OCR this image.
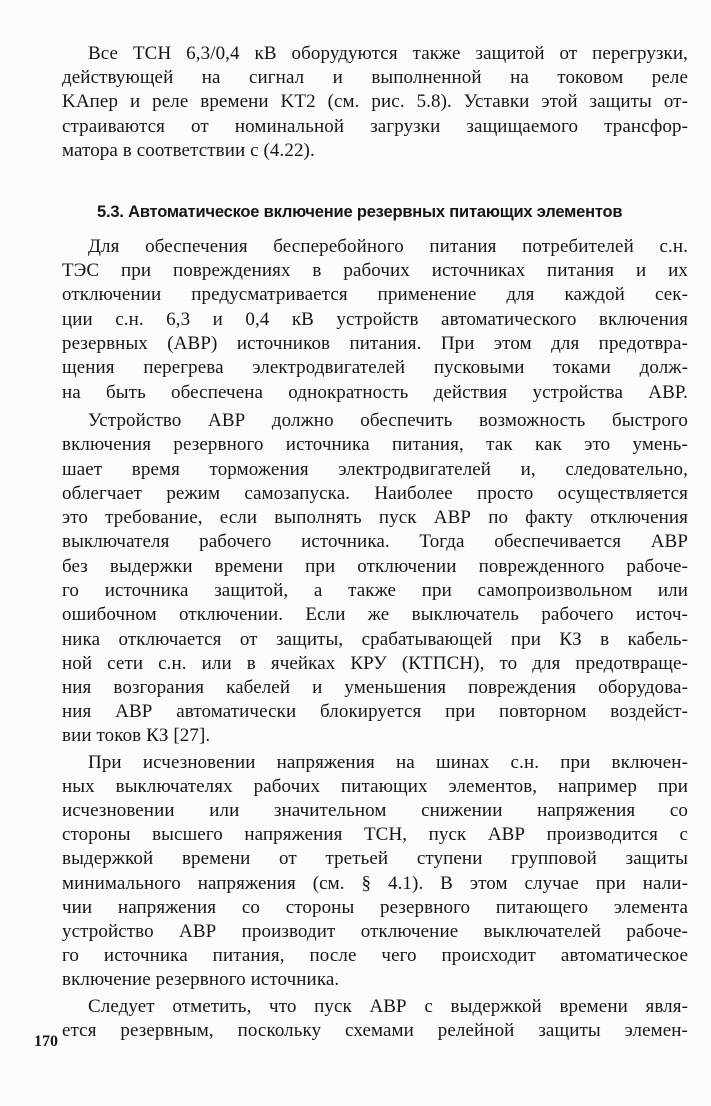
Все ТСН 6,3/0,4 кВ оборудуются также защитой от перегрузки,
действующей на сигнал и выполненной на токовом реле
KAпер и реле времени KT2 (см. рис. 5.8). Уставки этой защиты от-
страиваются от номинальной загрузки защищаемого трансфор-
матора в соответствии с (4.22).
5.3. Автоматическое включение резервных питающих элементов
Для обеспечения бесперебойного питания потребителей с.н.
ТЭС при повреждениях в рабочих источниках питания и их
отключении предусматривается применение для каждой сек-
ции с.н. 6,3 и 0,4 кВ устройств автоматического включения
резервных (АВР) источников питания. При этом для предотвра-
щения перегрева электродвигателей пусковыми токами долж-
на быть обеспечена однократность действия устройства АВР.
Устройство АВР должно обеспечить возможность быстрого
включения резервного источника питания, так как это умень-
шает время торможения электродвигателей и, следовательно,
облегчает режим самозапуска. Наиболее просто осуществляется
это требование, если выполнять пуск АВР по факту отключения
выключателя рабочего источника. Тогда обеспечивается АВР
без выдержки времени при отключении поврежденного рабоче-
го источника защитой, а также при самопроизвольном или
ошибочном отключении. Если же выключатель рабочего источ-
ника отключается от защиты, срабатывающей при КЗ в кабель-
ной сети с.н. или в ячейках КРУ (КТПСН), то для предотвраще-
ния возгорания кабелей и уменьшения повреждения оборудова-
ния АВР автоматически блокируется при повторном воздейст-
вии токов КЗ [27].
При исчезновении напряжения на шинах с.н. при включен-
ных выключателях рабочих питающих элементов, например при
исчезновении или значительном снижении напряжения со
стороны высшего напряжения ТСН, пуск АВР производится с
выдержкой времени от третьей ступени групповой защиты
минимального напряжения (см. § 4.1). В этом случае при нали-
чии напряжения со стороны резервного питающего элемента
устройство АВР производит отключение выключателей рабоче-
го источника питания, после чего происходит автоматическое
включение резервного источника.
Следует отметить, что пуск АВР с выдержкой времени явля-
ется резервным, поскольку схемами релейной защиты элемен-
170
